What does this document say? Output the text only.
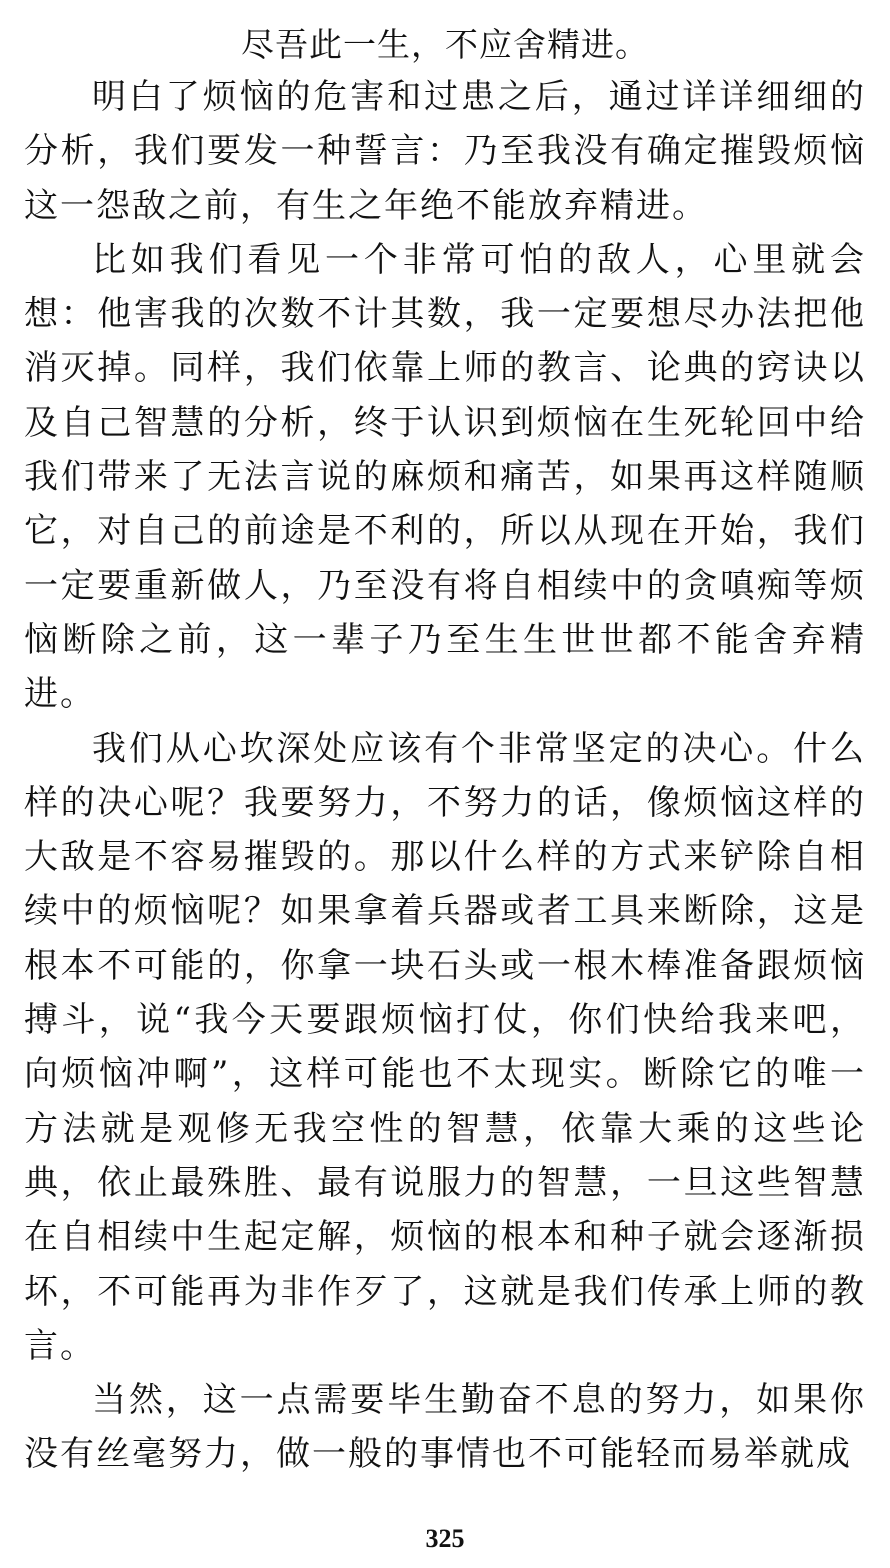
尽吾此一生，不应舍精进。

明白了烦恼的危害和过患之后，通过详详细细的分析，我们要发一种誓言：乃至我没有确定摧毁烦恼这一怨敌之前，有生之年绝不能放弃精进。

比如我们看见一个非常可怕的敌人，心里就会想：他害我的次数不计其数，我一定要想尽办法把他消灭掉。同样，我们依靠上师的教言、论典的窍诀以及自己智慧的分析，终于认识到烦恼在生死轮回中给我们带来了无法言说的麻烦和痛苦，如果再这样随顺它，对自己的前途是不利的，所以从现在开始，我们一定要重新做人，乃至没有将自相续中的贪嗔痴等烦恼断除之前，这一辈子乃至生生世世都不能舍弃精进。

我们从心坎深处应该有个非常坚定的决心。什么样的决心呢？我要努力，不努力的话，像烦恼这样的大敌是不容易摧毁的。那以什么样的方式来铲除自相续中的烦恼呢？如果拿着兵器或者工具来断除，这是根本不可能的，你拿一块石头或一根木棒准备跟烦恼搏斗，说“我今天要跟烦恼打仗，你们快给我来吧，向烦恼冲啊”，这样可能也不太现实。断除它的唯一方法就是观修无我空性的智慧，依靠大乘的这些论典，依止最殊胜、最有说服力的智慧，一旦这些智慧在自相续中生起定解，烦恼的根本和种子就会逐渐损坏，不可能再为非作歹了，这就是我们传承上师的教言。

当然，这一点需要毕生勤奋不息的努力，如果你没有丝毫努力，做一般的事情也不可能轻而易举就成

325
